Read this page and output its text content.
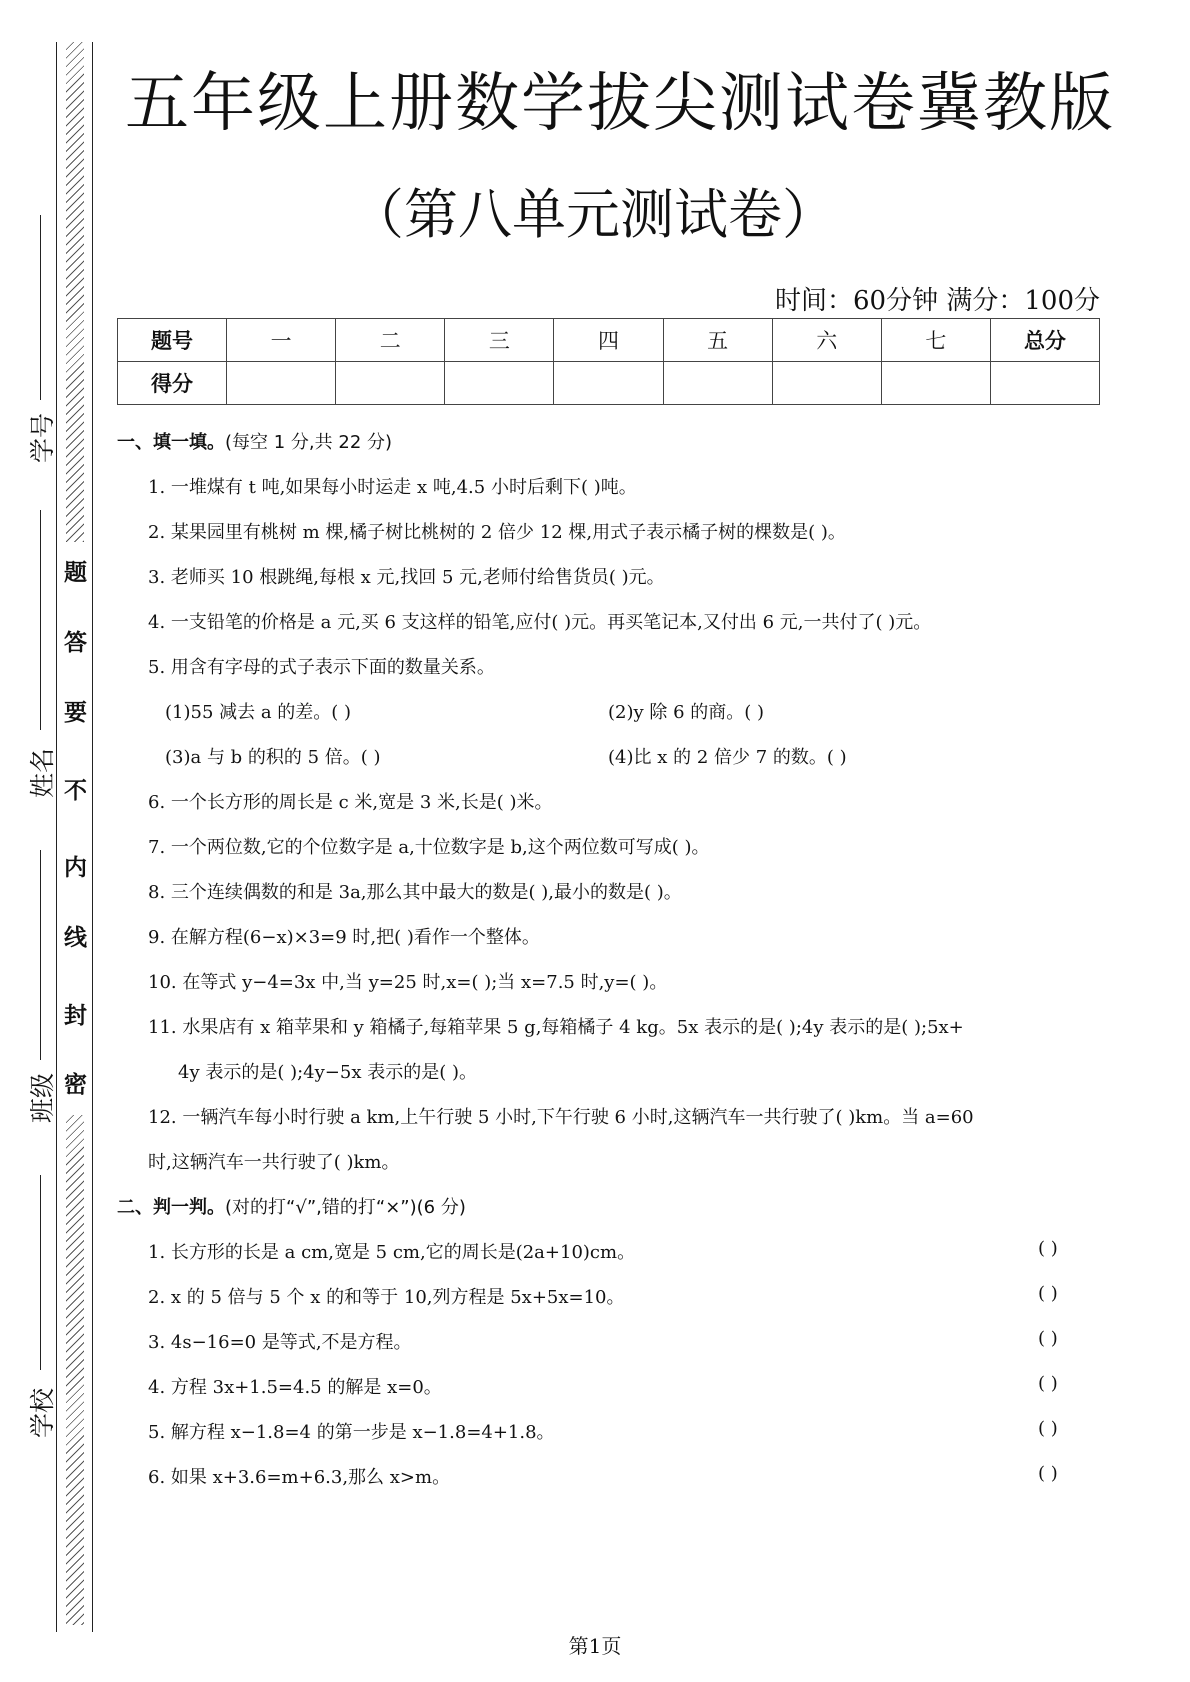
题
答
要
不
内
线
封
密
学号
姓名
班级
学校
五年级上册数学拔尖测试卷冀教版
（第八单元测试卷）
时间：60分钟 满分：100分
题号	一	二	三	四	五	六	七	总分
得分								
一、填一填。(每空 1 分,共 22 分)
1. 一堆煤有 t 吨,如果每小时运走 x 吨,4.5 小时后剩下( )吨。
2. 某果园里有桃树 m 棵,橘子树比桃树的 2 倍少 12 棵,用式子表示橘子树的棵数是( )。
3. 老师买 10 根跳绳,每根 x 元,找回 5 元,老师付给售货员( )元。
4. 一支铅笔的价格是 a 元,买 6 支这样的铅笔,应付( )元。再买笔记本,又付出 6 元,一共付了( )元。
5. 用含有字母的式子表示下面的数量关系。
(1)55 减去 a 的差。( )	(2)y 除 6 的商。( )
(3)a 与 b 的积的 5 倍。( )	(4)比 x 的 2 倍少 7 的数。( )
6. 一个长方形的周长是 c 米,宽是 3 米,长是( )米。
7. 一个两位数,它的个位数字是 a,十位数字是 b,这个两位数可写成( )。
8. 三个连续偶数的和是 3a,那么其中最大的数是( ),最小的数是( )。
9. 在解方程(6−x)×3=9 时,把( )看作一个整体。
10. 在等式 y−4=3x 中,当 y=25 时,x=( );当 x=7.5 时,y=( )。
11. 水果店有 x 箱苹果和 y 箱橘子,每箱苹果 5 g,每箱橘子 4 kg。5x 表示的是( );4y 表示的是( );5x+
4y 表示的是( );4y−5x 表示的是( )。
12. 一辆汽车每小时行驶 a km,上午行驶 5 小时,下午行驶 6 小时,这辆汽车一共行驶了( )km。当 a=60
时,这辆汽车一共行驶了( )km。
二、判一判。(对的打“√”,错的打“×”)(6 分)
1. 长方形的长是 a cm,宽是 5 cm,它的周长是(2a+10)cm。	( )
2. x 的 5 倍与 5 个 x 的和等于 10,列方程是 5x+5x=10。	( )
3. 4s−16=0 是等式,不是方程。	( )
4. 方程 3x+1.5=4.5 的解是 x=0。	( )
5. 解方程 x−1.8=4 的第一步是 x−1.8=4+1.8。	( )
6. 如果 x+3.6=m+6.3,那么 x>m。	( )
第1页
